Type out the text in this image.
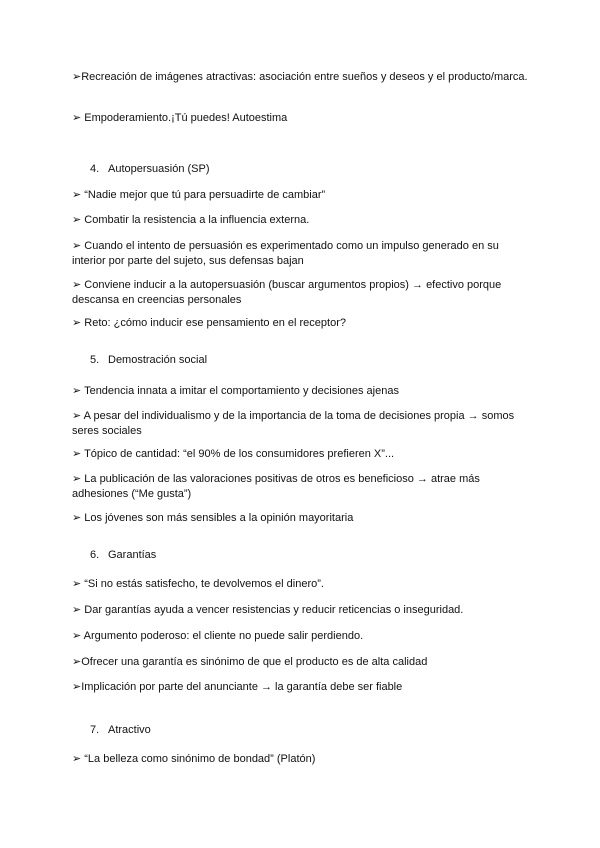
➢Recreación de imágenes atractivas: asociación entre sueños y deseos y el producto/marca.

➢ Empoderamiento.¡Tú puedes! Autoestima

4. Autopersuasión (SP)

➢ “Nadie mejor que tú para persuadirte de cambiar”

➢ Combatir la resistencia a la influencia externa.

➢ Cuando el intento de persuasión es experimentado como un impulso generado en su interior por parte del sujeto, sus defensas bajan

➢ Conviene inducir a la autopersuasión (buscar argumentos propios) → efectivo porque descansa en creencias personales

➢ Reto: ¿cómo inducir ese pensamiento en el receptor?

5. Demostración social

➢ Tendencia innata a imitar el comportamiento y decisiones ajenas

➢ A pesar del individualismo y de la importancia de la toma de decisiones propia → somos seres sociales

➢ Tópico de cantidad: “el 90% de los consumidores prefieren X”...

➢ La publicación de las valoraciones positivas de otros es beneficioso → atrae más adhesiones (“Me gusta”)

➢ Los jóvenes son más sensibles a la opinión mayoritaria

6. Garantías

➢ “Si no estás satisfecho, te devolvemos el dinero”.

➢ Dar garantías ayuda a vencer resistencias y reducir reticencias o inseguridad.

➢ Argumento poderoso: el cliente no puede salir perdiendo.

➢Ofrecer una garantía es sinónimo de que el producto es de alta calidad

➢Implicación por parte del anunciante → la garantía debe ser fiable

7. Atractivo

➢ “La belleza como sinónimo de bondad” (Platón)
